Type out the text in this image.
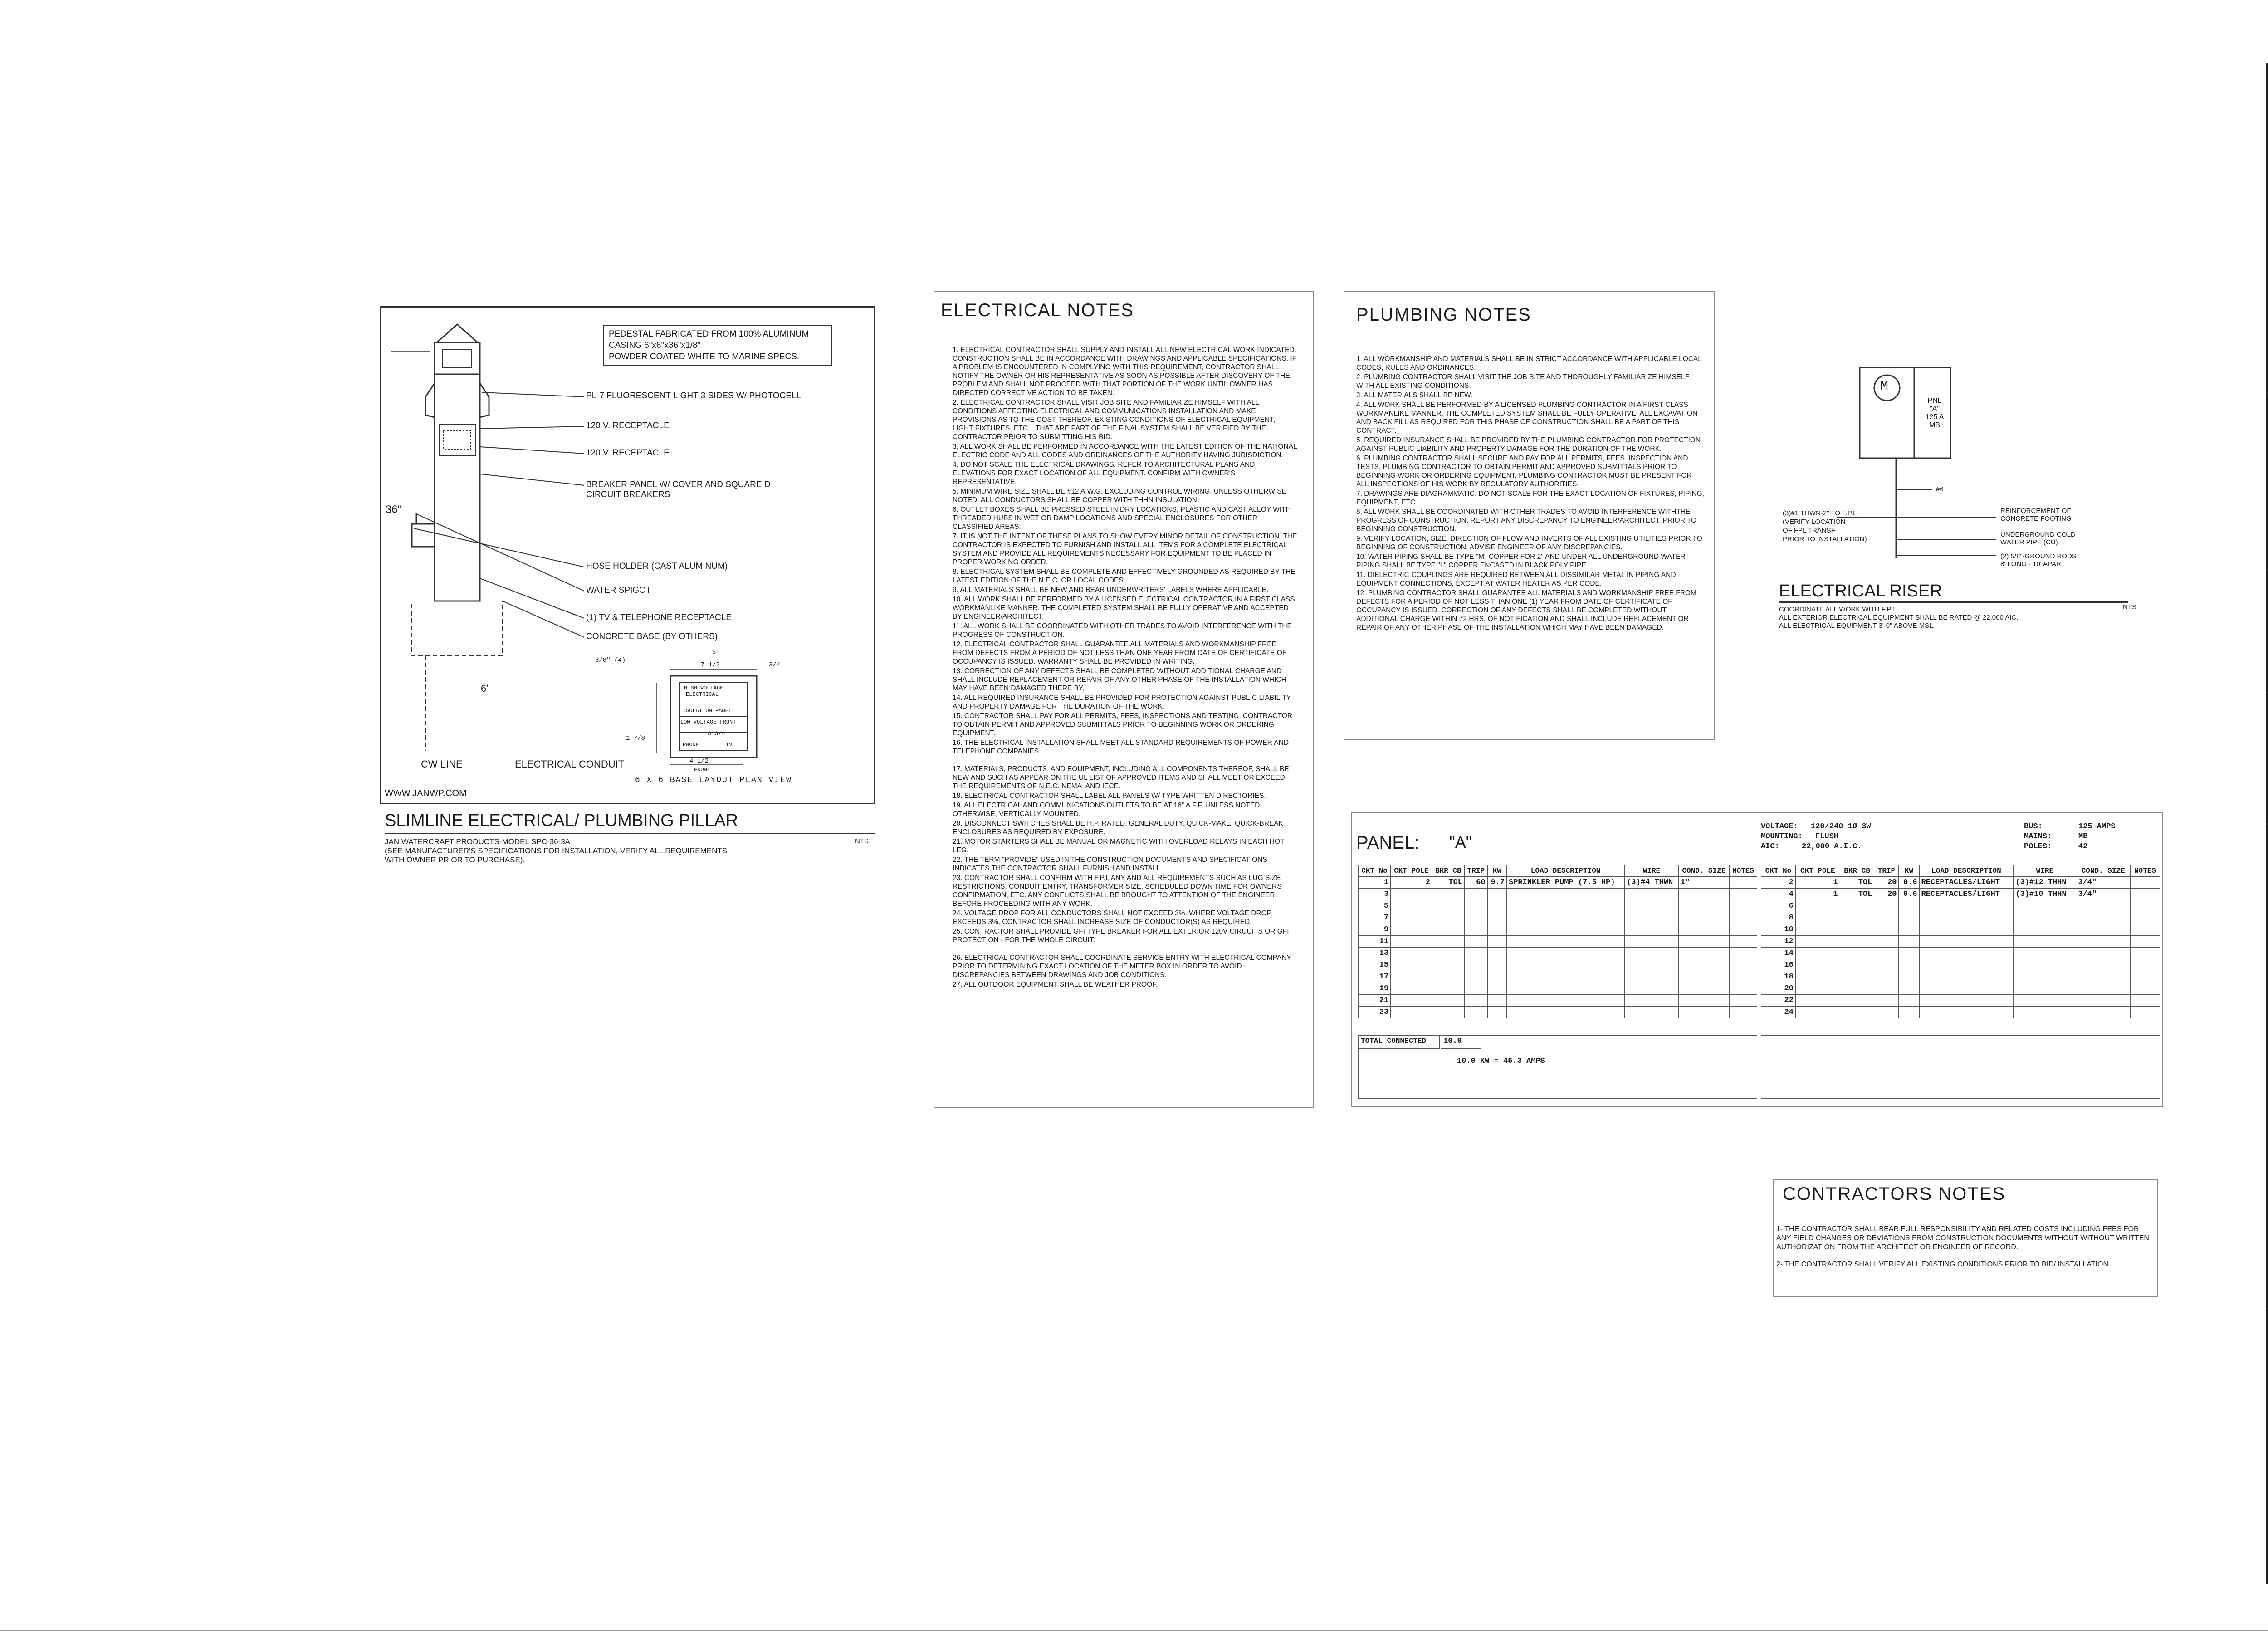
PEDESTAL FABRICATED FROM 100% ALUMINUM
CASING 6"x6"x36"x1/8"
POWDER COATED WHITE TO MARINE SPECS.
PL-7 FLUORESCENT LIGHT 3 SIDES W/ PHOTOCELL
120 V. RECEPTACLE
120 V. RECEPTACLE
BREAKER PANEL W/ COVER AND SQUARE D
CIRCUIT BREAKERS
HOSE HOLDER (CAST ALUMINUM)
WATER SPIGOT
(1) TV & TELEPHONE RECEPTACLE
CONCRETE BASE (BY OTHERS)
36"
6"
CW LINE	ELECTRICAL CONDUIT
3/8" (4)
5
7 1/2	3/4
1 7/8
4 1/2
3 3/4
HIGH VOLTAGE
ELECTRICAL
ISOLATION PANEL
LOW VOLTAGE FRONT
PHONE	TV
FRONT
6 X 6 BASE LAYOUT PLAN VIEW
WWW.JANWP.COM
SLIMLINE ELECTRICAL/ PLUMBING PILLAR
NTS
JAN WATERCRAFT PRODUCTS-MODEL SPC-36-3A
(SEE MANUFACTURER'S SPECIFICATIONS FOR INSTALLATION, VERIFY ALL REQUIREMENTS
WITH OWNER PRIOR TO PURCHASE).
ELECTRICAL NOTES
1. ELECTRICAL CONTRACTOR SHALL SUPPLY AND INSTALL ALL NEW ELECTRICAL WORK INDICATED. CONSTRUCTION SHALL BE IN ACCORDANCE WITH DRAWINGS AND APPLICABLE SPECIFICATIONS. IF A PROBLEM IS ENCOUNTERED IN COMPLYING WITH THIS REQUIREMENT, CONTRACTOR SHALL NOTIFY THE OWNER OR HIS REPRESENTATIVE AS SOON AS POSSIBLE AFTER DISCOVERY OF THE PROBLEM AND SHALL NOT PROCEED WITH THAT PORTION OF THE WORK UNTIL OWNER HAS DIRECTED CORRECTIVE ACTION TO BE TAKEN.
2. ELECTRICAL CONTRACTOR SHALL VISIT JOB SITE AND FAMILIARIZE HIMSELF WITH ALL CONDITIONS AFFECTING ELECTRICAL AND COMMUNICATIONS INSTALLATION AND MAKE PROVISIONS AS TO THE COST THEREOF. EXISTING CONDITIONS OF ELECTRICAL EQUIPMENT, LIGHT FIXTURES, ETC... THAT ARE PART OF THE FINAL SYSTEM SHALL BE VERIFIED BY THE CONTRACTOR PRIOR TO SUBMITTING HIS BID.
3. ALL WORK SHALL BE PERFORMED IN ACCORDANCE WITH THE LATEST EDITION OF THE NATIONAL ELECTRIC CODE AND ALL CODES AND ORDINANCES OF THE AUTHORITY HAVING JURISDICTION.
4. DO NOT SCALE THE ELECTRICAL DRAWINGS. REFER TO ARCHITECTURAL PLANS AND ELEVATIONS FOR EXACT LOCATION OF ALL EQUIPMENT. CONFIRM WITH OWNER'S REPRESENTATIVE.
5. MINIMUM WIRE SIZE SHALL BE #12 A.W.G. EXCLUDING CONTROL WIRING. UNLESS OTHERWISE NOTED, ALL CONDUCTORS SHALL BE COPPER WITH THHN INSULATION.
6. OUTLET BOXES SHALL BE PRESSED STEEL IN DRY LOCATIONS, PLASTIC AND CAST ALLOY WITH THREADED HUBS IN WET OR DAMP LOCATIONS AND SPECIAL ENCLOSURES FOR OTHER CLASSIFIED AREAS.
7. IT IS NOT THE INTENT OF THESE PLANS TO SHOW EVERY MINOR DETAIL OF CONSTRUCTION. THE CONTRACTOR IS EXPECTED TO FURNISH AND INSTALL ALL ITEMS FOR A COMPLETE ELECTRICAL SYSTEM AND PROVIDE ALL REQUIREMENTS NECESSARY FOR EQUIPMENT TO BE PLACED IN PROPER WORKING ORDER.
8. ELECTRICAL SYSTEM SHALL BE COMPLETE AND EFFECTIVELY GROUNDED AS REQUIRED BY THE LATEST EDITION OF THE N.E.C. OR LOCAL CODES.
9. ALL MATERIALS SHALL BE NEW AND BEAR UNDERWRITERS' LABELS WHERE APPLICABLE.
10. ALL WORK SHALL BE PERFORMED BY A LICENSED ELECTRICAL CONTRACTOR IN A FIRST CLASS WORKMANLIKE MANNER. THE COMPLETED SYSTEM SHALL BE FULLY OPERATIVE AND ACCEPTED BY ENGINEER/ARCHITECT.
11. ALL WORK SHALL BE COORDINATED WITH OTHER TRADES TO AVOID INTERFERENCE WITH THE PROGRESS OF CONSTRUCTION.
12. ELECTRICAL CONTRACTOR SHALL GUARANTEE ALL MATERIALS AND WORKMANSHIP FREE FROM DEFECTS FROM A PERIOD OF NOT LESS THAN ONE YEAR FROM DATE OF CERTIFICATE OF OCCUPANCY IS ISSUED. WARRANTY SHALL BE PROVIDED IN WRITING.
13. CORRECTION OF ANY DEFECTS SHALL BE COMPLETED WITHOUT ADDITIONAL CHARGE AND SHALL INCLUDE REPLACEMENT OR REPAIR OF ANY OTHER PHASE OF THE INSTALLATION WHICH MAY HAVE BEEN DAMAGED THERE BY.
14. ALL REQUIRED INSURANCE SHALL BE PROVIDED FOR PROTECTION AGAINST PUBLIC LIABILITY AND PROPERTY DAMAGE FOR THE DURATION OF THE WORK.
15. CONTRACTOR SHALL PAY FOR ALL PERMITS, FEES, INSPECTIONS AND TESTING. CONTRACTOR TO OBTAIN PERMIT AND APPROVED SUBMITTALS PRIOR TO BEGINNING WORK OR ORDERING EQUIPMENT.
16. THE ELECTRICAL INSTALLATION SHALL MEET ALL STANDARD REQUIREMENTS OF POWER AND TELEPHONE COMPANIES.
17. MATERIALS, PRODUCTS, AND EQUIPMENT, INCLUDING ALL COMPONENTS THEREOF, SHALL BE NEW AND SUCH AS APPEAR ON THE UL LIST OF APPROVED ITEMS AND SHALL MEET OR EXCEED THE REQUIREMENTS OF N.E.C. NEMA, AND IECE.
18. ELECTRICAL CONTRACTOR SHALL LABEL ALL PANELS W/ TYPE WRITTEN DIRECTORIES.
19. ALL ELECTRICAL AND COMMUNICATIONS OUTLETS TO BE AT 16" A.F.F. UNLESS NOTED OTHERWISE, VERTICALLY MOUNTED.
20. DISCONNECT SWITCHES SHALL BE H.P. RATED, GENERAL DUTY, QUICK-MAKE, QUICK-BREAK ENCLOSURES AS REQUIRED BY EXPOSURE.
21. MOTOR STARTERS SHALL BE MANUAL OR MAGNETIC WITH OVERLOAD RELAYS IN EACH HOT LEG.
22. THE TERM "PROVIDE" USED IN THE CONSTRUCTION DOCUMENTS AND SPECIFICATIONS INDICATES THE CONTRACTOR SHALL FURNISH AND INSTALL.
23. CONTRACTOR SHALL CONFIRM WITH F.P.L ANY AND ALL REQUIREMENTS SUCH AS LUG SIZE RESTRICTIONS, CONDUIT ENTRY, TRANSFORMER SIZE, SCHEDULED DOWN TIME FOR OWNERS CONFIRMATION, ETC. ANY CONFLICTS SHALL BE BROUGHT TO ATTENTION OF THE ENGINEER BEFORE PROCEEDING WITH ANY WORK.
24. VOLTAGE DROP FOR ALL CONDUCTORS SHALL NOT EXCEED 3%. WHERE VOLTAGE DROP EXCEEDS 3%, CONTRACTOR SHALL INCREASE SIZE OF CONDUCTOR(S) AS REQUIRED.
25. CONTRACTOR SHALL PROVIDE GFI TYPE BREAKER FOR ALL EXTERIOR 120V CIRCUITS OR GFI PROTECTION - FOR THE WHOLE CIRCUIT.
26. ELECTRICAL CONTRACTOR SHALL COORDINATE SERVICE ENTRY WITH ELECTRICAL COMPANY PRIOR TO DETERMINING EXACT LOCATION OF THE METER BOX IN ORDER TO AVOID DISCREPANCIES BETWEEN DRAWINGS AND JOB CONDITIONS.
27. ALL OUTDOOR EQUIPMENT SHALL BE WEATHER PROOF.
PLUMBING NOTES
1. ALL WORKMANSHIP AND MATERIALS SHALL BE IN STRICT ACCORDANCE WITH APPLICABLE LOCAL CODES, RULES AND ORDINANCES.
2. PLUMBING CONTRACTOR SHALL VISIT THE JOB SITE AND THOROUGHLY FAMILIARIZE HIMSELF WITH ALL EXISTING CONDITIONS.
3. ALL MATERIALS SHALL BE NEW.
4. ALL WORK SHALL BE PERFORMED BY A LICENSED PLUMBING CONTRACTOR IN A FIRST CLASS WORKMANLIKE MANNER. THE COMPLETED SYSTEM SHALL BE FULLY OPERATIVE. ALL EXCAVATION AND BACK FILL AS REQUIRED FOR THIS PHASE OF CONSTRUCTION SHALL BE A PART OF THIS CONTRACT.
5. REQUIRED INSURANCE SHALL BE PROVIDED BY THE PLUMBING CONTRACTOR FOR PROTECTION AGAINST PUBLIC LIABILITY AND PROPERTY DAMAGE FOR THE DURATION OF THE WORK.
6. PLUMBING CONTRACTOR SHALL SECURE AND PAY FOR ALL PERMITS, FEES, INSPECTION AND TESTS, PLUMBING CONTRACTOR TO OBTAIN PERMIT AND APPROVED SUBMITTALS PRIOR TO BEGINNING WORK OR ORDERING EQUIPMENT. PLUMBING CONTRACTOR MUST BE PRESENT FOR ALL INSPECTIONS OF HIS WORK BY REGULATORY AUTHORITIES.
7. DRAWINGS ARE DIAGRAMMATIC. DO NOT SCALE FOR THE EXACT LOCATION OF FIXTURES, PIPING, EQUIPMENT, ETC.
8. ALL WORK SHALL BE COORDINATED WITH OTHER TRADES TO AVOID INTERFERENCE WITHTHE PROGRESS OF CONSTRUCTION. REPORT ANY DISCREPANCY TO ENGINEER/ARCHITECT. PRIOR TO BEGINNING CONSTRUCTION.
9. VERIFY LOCATION, SIZE, DIRECTION OF FLOW AND INVERTS OF ALL EXISTING UTILITIES PRIOR TO BEGINNING OF CONSTRUCTION. ADVISE ENGINEER OF ANY DISCREPANCIES.
10. WATER PIPING SHALL BE TYPE "M" COPPER FOR 2" AND UNDER ALL UNDERGROUND WATER PIPING SHALL BE TYPE "L" COPPER ENCASED IN BLACK POLY PIPE.
11. DIELECTRIC COUPLINGS ARE REQUIRED BETWEEN ALL DISSIMILAR METAL IN PIPING AND EQUIPMENT CONNECTIONS, EXCEPT AT WATER HEATER AS PER CODE.
12. PLUMBING CONTRACTOR SHALL GUARANTEE ALL MATERIALS AND WORKMANSHIP FREE FROM DEFECTS FOR A PERIOD OF NOT LESS THAN ONE (1) YEAR FROM DATE OF CERTIFICATE OF OCCUPANCY IS ISSUED. CORRECTION OF ANY DEFECTS SHALL BE COMPLETED WITHOUT ADDITIONAL CHARGE WITHIN 72 HRS. OF NOTIFICATION AND SHALL INCLUDE REPLACEMENT OR REPAIR OF ANY OTHER PHASE OF THE INSTALLATION WHICH MAY HAVE BEEN DAMAGED.
M
PNL
"A"
125 A
MB
(3)#1 THWN-2" TO F.P.L
(VERIFY LOCATION
OF FPL TRANSF
PRIOR TO INSTALLATION)
#6
REINFORCEMENT OF
CONCRETE FOOTING
UNDERGROUND COLD
WATER PIPE (CU)
(2) 5/8"-GROUND RODS
8' LONG - 10' APART
ELECTRICAL RISER
NTS
COORDINATE ALL WORK WITH F.P.L
ALL EXTERIOR ELECTRICAL EQUIPMENT SHALL BE RATED @ 22,000 AIC.
ALL ELECTRICAL EQUIPMENT 3'-0" ABOVE MSL.
PANEL: "A"
VOLTAGE: 120/240 1Ø 3W
MOUNTING: FLUSH
AIC:	22,000 A.I.C.
BUS:	125 AMPS
MAINS:	MB
POLES:	42
CKT No	CKT POLE	BKR CB	TRIP	KW	LOAD DESCRIPTION	WIRE	COND. SIZE	NOTES
1	2	TOL	60	9.7	SPRINKLER PUMP (7.5 HP)	(3)#4 THWN	1"	
3								
5								
7								
9								
11								
13								
15								
17								
19								
21								
23								
CKT No	CKT POLE	BKR CB	TRIP	KW	LOAD DESCRIPTION	WIRE	COND. SIZE	NOTES
2	1	TOL	20	0.6	RECEPTACLES/LIGHT	(3)#12 THHN	3/4"	
4	1	TOL	20	0.6	RECEPTACLES/LIGHT	(3)#10 THHN	3/4"	
6								
8								
10								
12								
14								
16								
18								
20								
22								
24								
TOTAL CONNECTED	10.9
10.9 KW = 45.3 AMPS
CONTRACTORS NOTES
1- THE CONTRACTOR SHALL BEAR FULL RESPONSIBILITY AND RELATED COSTS INCLUDING FEES FOR ANY FIELD CHANGES OR DEVIATIONS FROM CONSTRUCTION DOCUMENTS WITHOUT WITHOUT WRITTEN AUTHORIZATION FROM THE ARCHITECT OR ENGINEER OF RECORD.
2- THE CONTRACTOR SHALL VERIFY ALL EXISTING CONDITIONS PRIOR TO BID/ INSTALLATION.
